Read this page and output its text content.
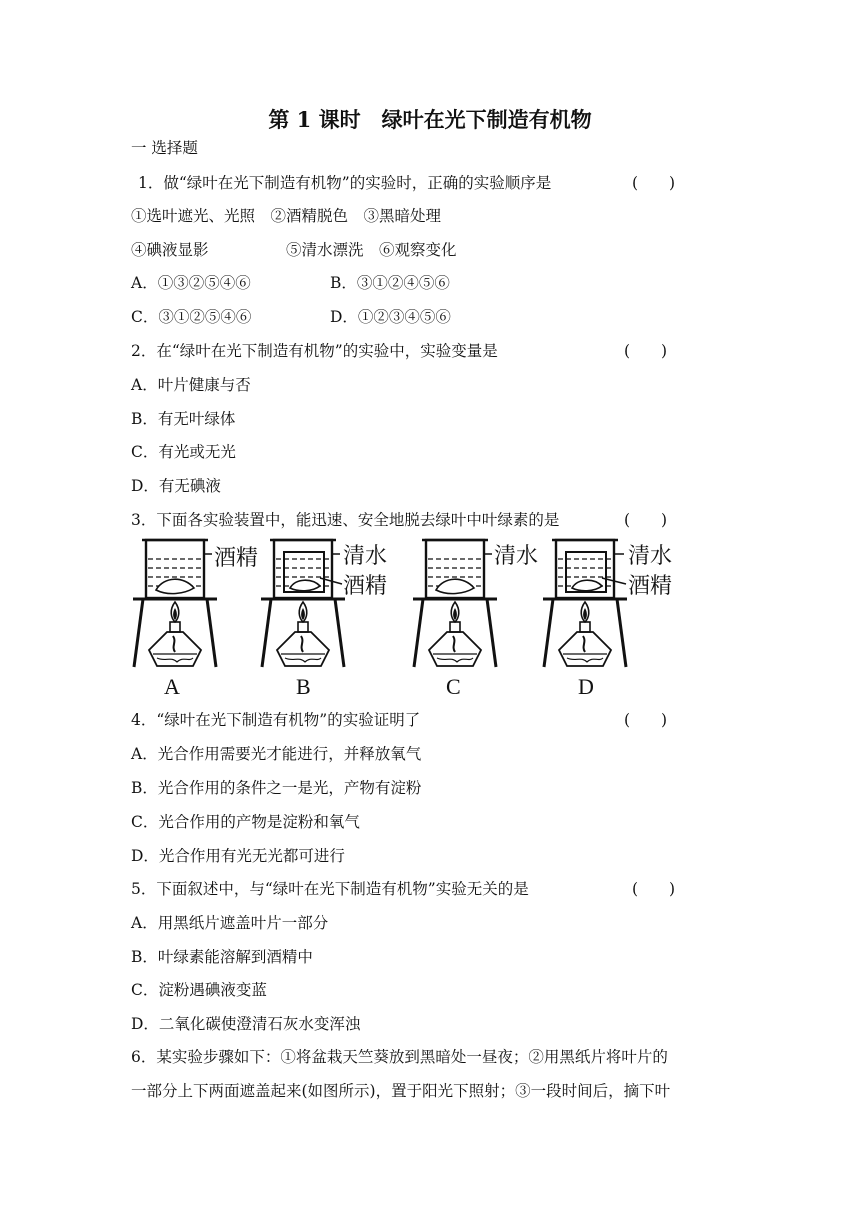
第 1 课时　绿叶在光下制造有机物
一 选择题
1．做“绿叶在光下制造有机物”的实验时，正确的实验顺序是	(　　)
①选叶遮光、光照　②酒精脱色　③黑暗处理
④碘液显影	⑤清水漂洗　⑥观察变化
A．①③②⑤④⑥	B．③①②④⑤⑥
C．③①②⑤④⑥	D．①②③④⑤⑥
2．在“绿叶在光下制造有机物”的实验中，实验变量是	(　　)
A．叶片健康与否
B．有无叶绿体
C．有光或无光
D．有无碘液
3．下面各实验装置中，能迅速、安全地脱去绿叶中叶绿素的是	(　　)
酒精
A
清水
酒精
B
清水
C
清水
酒精
D
4．“绿叶在光下制造有机物”的实验证明了	(　　)
A．光合作用需要光才能进行，并释放氧气
B．光合作用的条件之一是光，产物有淀粉
C．光合作用的产物是淀粉和氧气
D．光合作用有光无光都可进行
5．下面叙述中，与“绿叶在光下制造有机物”实验无关的是	(　　)
A．用黑纸片遮盖叶片一部分
B．叶绿素能溶解到酒精中
C．淀粉遇碘液变蓝
D．二氧化碳使澄清石灰水变浑浊
6．某实验步骤如下：①将盆栽天竺葵放到黑暗处一昼夜；②用黑纸片将叶片的
一部分上下两面遮盖起来(如图所示)，置于阳光下照射；③一段时间后，摘下叶
